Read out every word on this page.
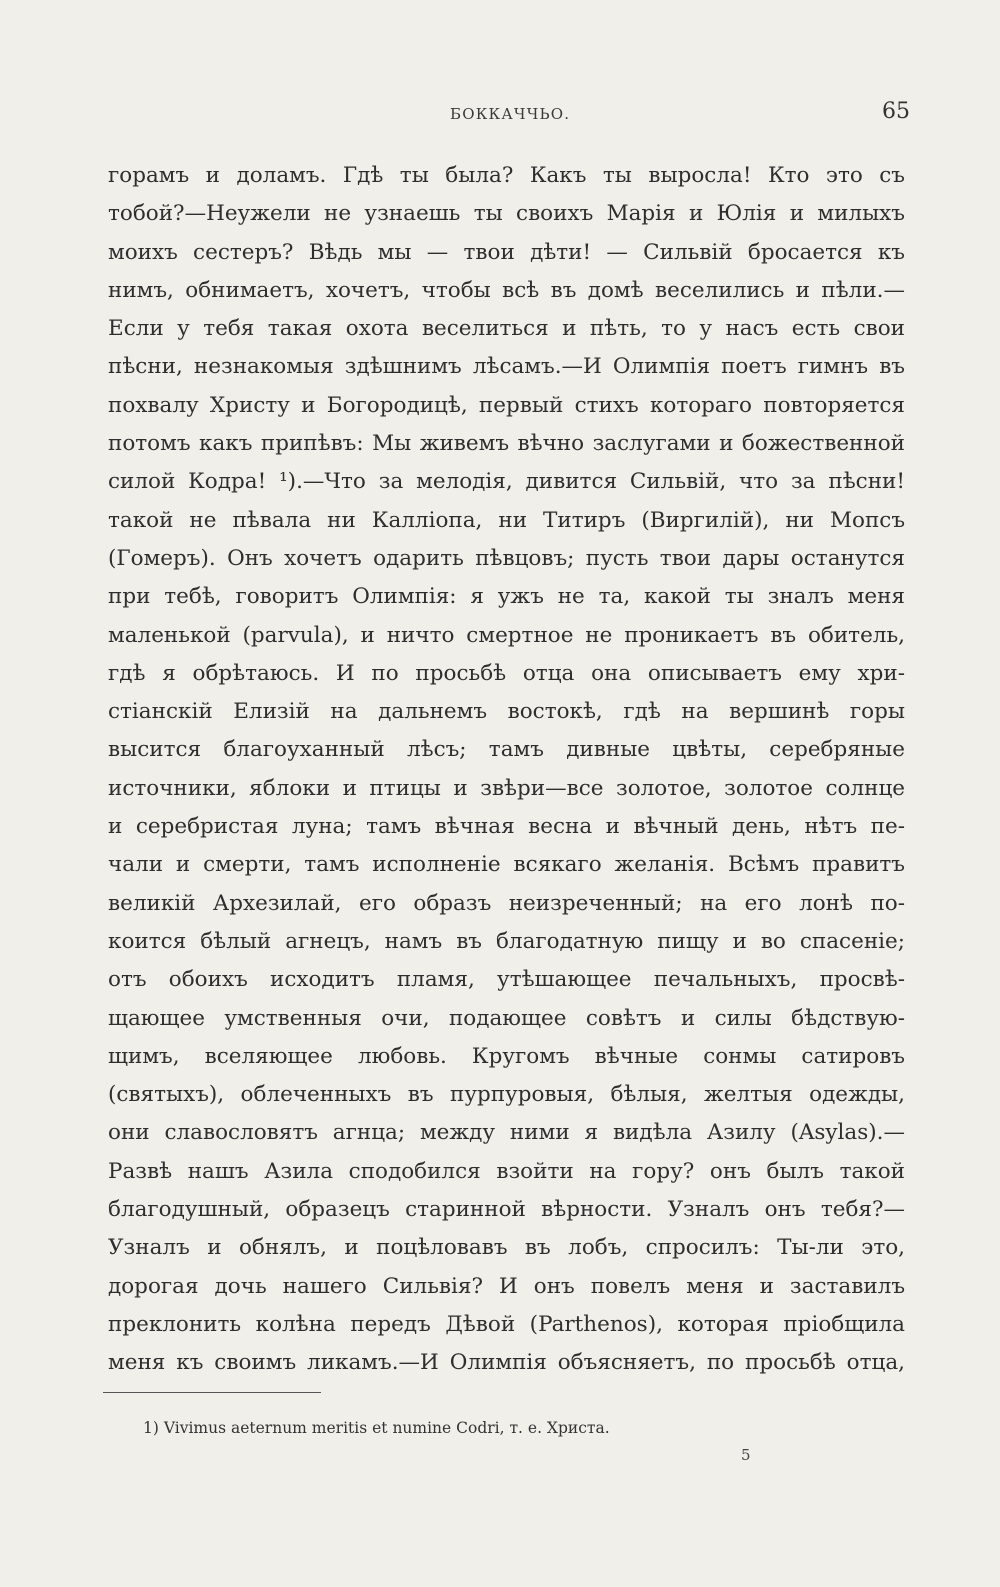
БОККАЧЧЬО.	65
горамъ и доламъ. Гдѣ ты была? Какъ ты выросла! Кто это съ
тобой?—Неужели не узнаешь ты своихъ Марія и Юлія и милыхъ
моихъ сестеръ? Вѣдь мы — твои дѣти! — Сильвій бросается къ
нимъ, обнимаетъ, хочетъ, чтобы всѣ въ домѣ веселились и пѣли.—
Если у тебя такая охота веселиться и пѣть, то у насъ есть свои
пѣсни, незнакомыя здѣшнимъ лѣсамъ.—И Олимпія поетъ гимнъ въ
похвалу Христу и Богородицѣ, первый стихъ котораго повторяется
потомъ какъ припѣвъ: Мы живемъ вѣчно заслугами и божественной
силой Кодра! ¹).—Что за мелодія, дивится Сильвій, что за пѣсни!
такой не пѣвала ни Каллiопа, ни Титиръ (Виргилій), ни Мопсъ
(Гомеръ). Онъ хочетъ одарить пѣвцовъ; пусть твои дары останутся
при тебѣ, говоритъ Олимпія: я ужъ не та, какой ты зналъ меня
маленькой (parvula), и ничто смертное не проникаетъ въ обитель,
гдѣ я обрѣтаюсь. И по просьбѣ отца она описываетъ ему хри-
стіанскій Елизій на дальнемъ востокѣ, гдѣ на вершинѣ горы
высится благоуханный лѣсъ; тамъ дивные цвѣты, серебряные
источники, яблоки и птицы и звѣри—все золотое, золотое солнце
и серебристая луна; тамъ вѣчная весна и вѣчный день, нѣтъ пе-
чали и смерти, тамъ исполненіе всякаго желанія. Всѣмъ правитъ
великій Архезилай, его образъ неизреченный; на его лонѣ по-
коится бѣлый агнецъ, намъ въ благодатную пищу и во спасеніе;
отъ обоихъ исходитъ пламя, утѣшающее печальныхъ, просвѣ-
щающее умственныя очи, подающее совѣтъ и силы бѣдствую-
щимъ, вселяющее любовь. Кругомъ вѣчные сонмы сатировъ
(святыхъ), облеченныхъ въ пурпуровыя, бѣлыя, желтыя одежды,
они славословятъ агнца; между ними я видѣла Азилу (Asylas).—
Развѣ нашъ Азила сподобился взойти на гору? онъ былъ такой
благодушный, образецъ старинной вѣрности. Узналъ онъ тебя?—
Узналъ и обнялъ, и поцѣловавъ въ лобъ, спросилъ: Ты-ли это,
дорогая дочь нашего Сильвія? И онъ повелъ меня и заставилъ
преклонить колѣна передъ Дѣвой (Parthenos), которая пріобщила
меня къ своимъ ликамъ.—И Олимпія объясняетъ, по просьбѣ отца,
1) Vivimus aeternum meritis et numine Codri, т. е. Христа.
5
